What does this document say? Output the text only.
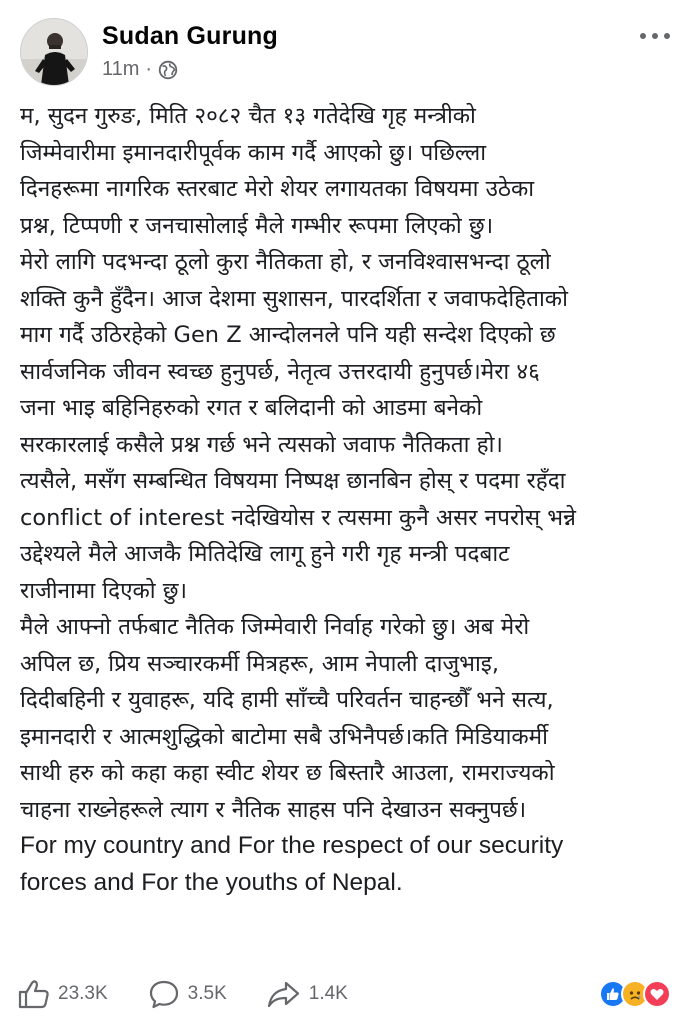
Sudan Gurung
11m ·
म, सुदन गुरुङ, मिति २०८२ चैत १३ गतेदेखि गृह मन्त्रीको
जिम्मेवारीमा इमानदारीपूर्वक काम गर्दै आएको छु। पछिल्ला
दिनहरूमा नागरिक स्तरबाट मेरो शेयर लगायतका विषयमा उठेका
प्रश्न, टिप्पणी र जनचासोलाई मैले गम्भीर रूपमा लिएको छु।
मेरो लागि पदभन्दा ठूलो कुरा नैतिकता हो, र जनविश्वासभन्दा ठूलो
शक्ति कुनै हुँदैन। आज देशमा सुशासन, पारदर्शिता र जवाफदेहिताको
माग गर्दै उठिरहेको Gen Z आन्दोलनले पनि यही सन्देश दिएको छ
सार्वजनिक जीवन स्वच्छ हुनुपर्छ, नेतृत्व उत्तरदायी हुनुपर्छ।मेरा ४६
जना भाइ बहिनिहरुको रगत र बलिदानी को आडमा बनेको
सरकारलाई कसैले प्रश्न गर्छ भने त्यसको जवाफ नैतिकता हो।
त्यसैले, मसँग सम्बन्धित विषयमा निष्पक्ष छानबिन होस् र पदमा रहँदा
conflict of interest नदेखियोस र त्यसमा कुनै असर नपरोस् भन्ने
उद्देश्यले मैले आजकै मितिदेखि लागू हुने गरी गृह मन्त्री पदबाट
राजीनामा दिएको छु।
मैले आफ्नो तर्फबाट नैतिक जिम्मेवारी निर्वाह गरेको छु। अब मेरो
अपिल छ, प्रिय सञ्चारकर्मी मित्रहरू, आम नेपाली दाजुभाइ,
दिदीबहिनी र युवाहरू, यदि हामी साँच्चै परिवर्तन चाहन्छौँ भने सत्य,
इमानदारी र आत्मशुद्धिको बाटोमा सबै उभिनैपर्छ।कति मिडियाकर्मी
साथी हरु को कहा कहा स्वीट शेयर छ बिस्तारै आउला, रामराज्यको
चाहना राख्नेहरूले त्याग र नैतिक साहस पनि देखाउन सक्नुपर्छ।
For my country and For the respect of our security
forces and For the youths of Nepal.
23.3K	3.5K	1.4K
